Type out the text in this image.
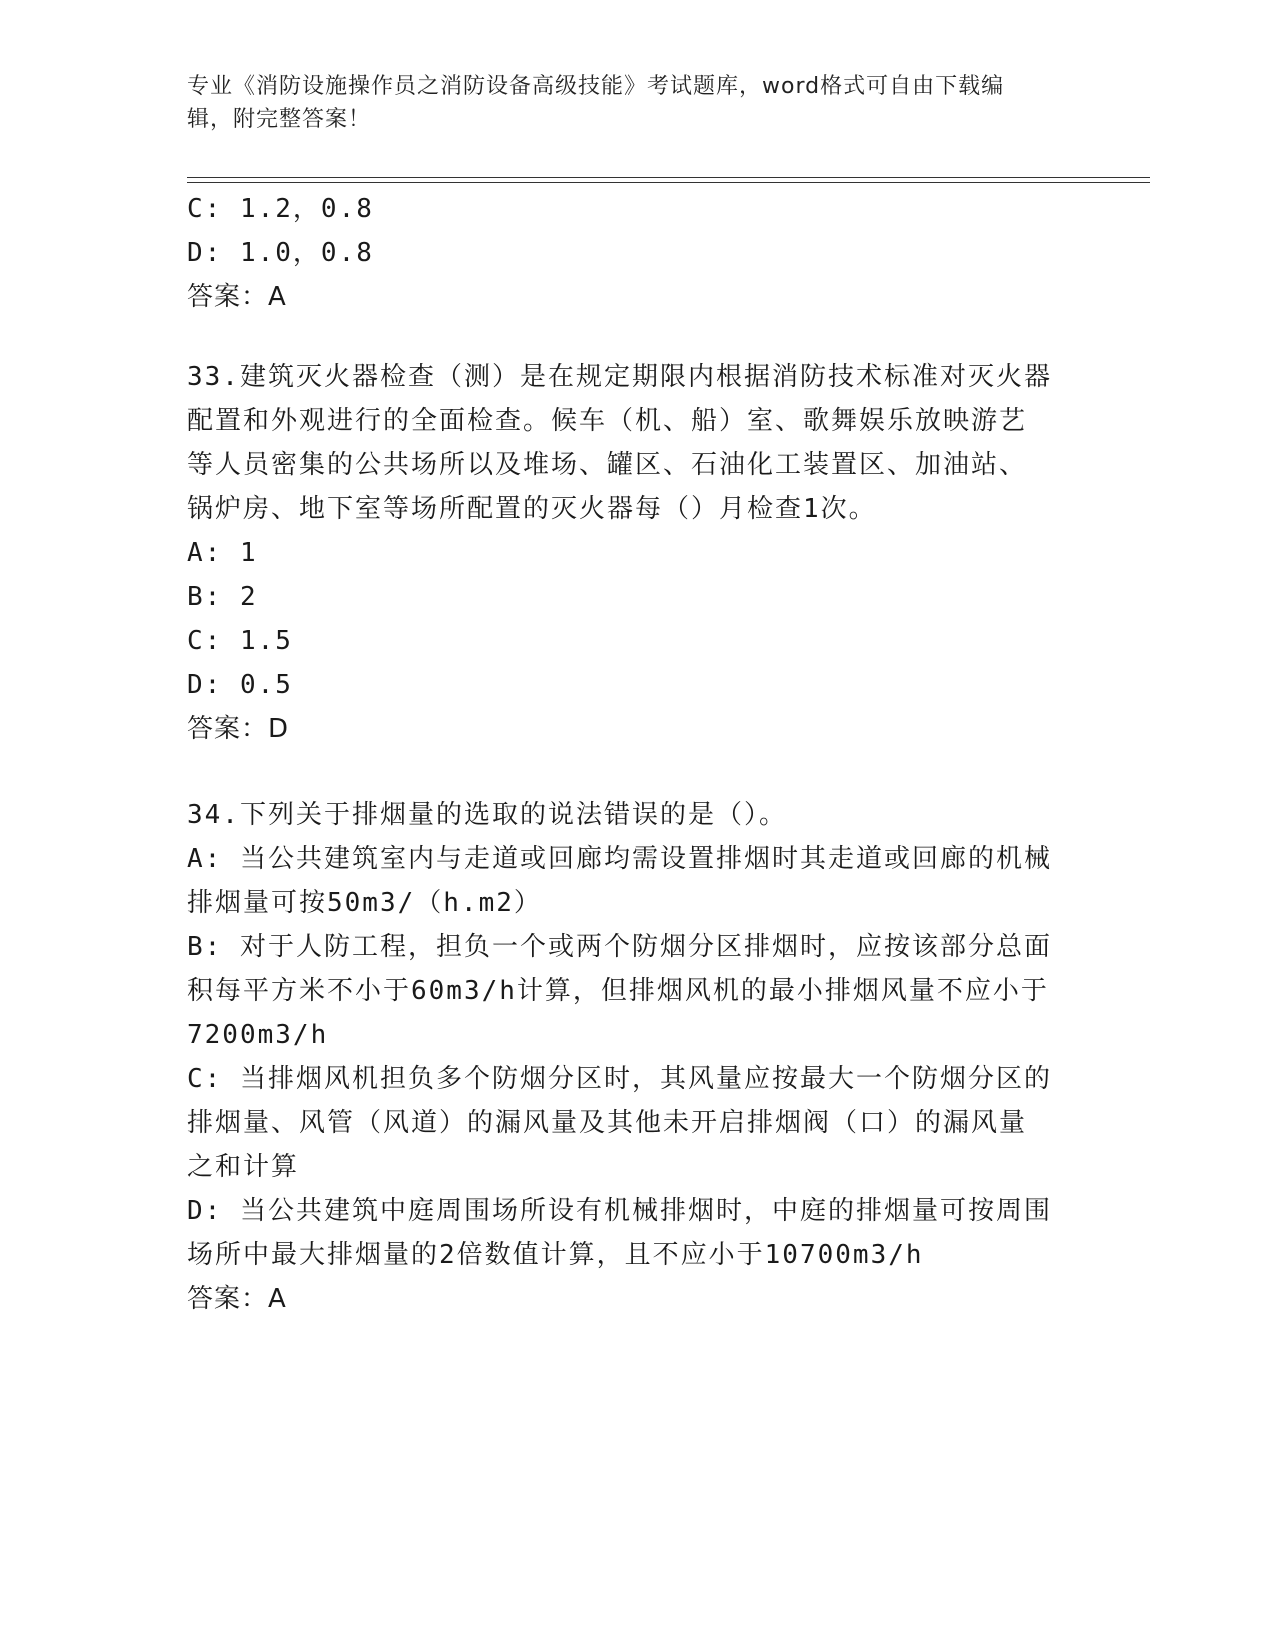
专业《消防设施操作员之消防设备高级技能》考试题库，word格式可自由下载编
辑，附完整答案！
C: 1.2，0.8
D: 1.0，0.8
答案：A
33.建筑灭火器检查（测）是在规定期限内根据消防技术标准对灭火器
配置和外观进行的全面检查。候车（机、船）室、歌舞娱乐放映游艺
等人员密集的公共场所以及堆场、罐区、石油化工装置区、加油站、
锅炉房、地下室等场所配置的灭火器每（）月检查1次。
A: 1
B: 2
C: 1.5
D: 0.5
答案：D
34.下列关于排烟量的选取的说法错误的是（）。
A: 当公共建筑室内与走道或回廊均需设置排烟时其走道或回廊的机械
排烟量可按50m3/（h.m2）
B: 对于人防工程，担负一个或两个防烟分区排烟时，应按该部分总面
积每平方米不小于60m3/h计算，但排烟风机的最小排烟风量不应小于
7200m3/h
C: 当排烟风机担负多个防烟分区时，其风量应按最大一个防烟分区的
排烟量、风管（风道）的漏风量及其他未开启排烟阀（口）的漏风量
之和计算
D: 当公共建筑中庭周围场所设有机械排烟时，中庭的排烟量可按周围
场所中最大排烟量的2倍数值计算，且不应小于10700m3/h
答案：A
